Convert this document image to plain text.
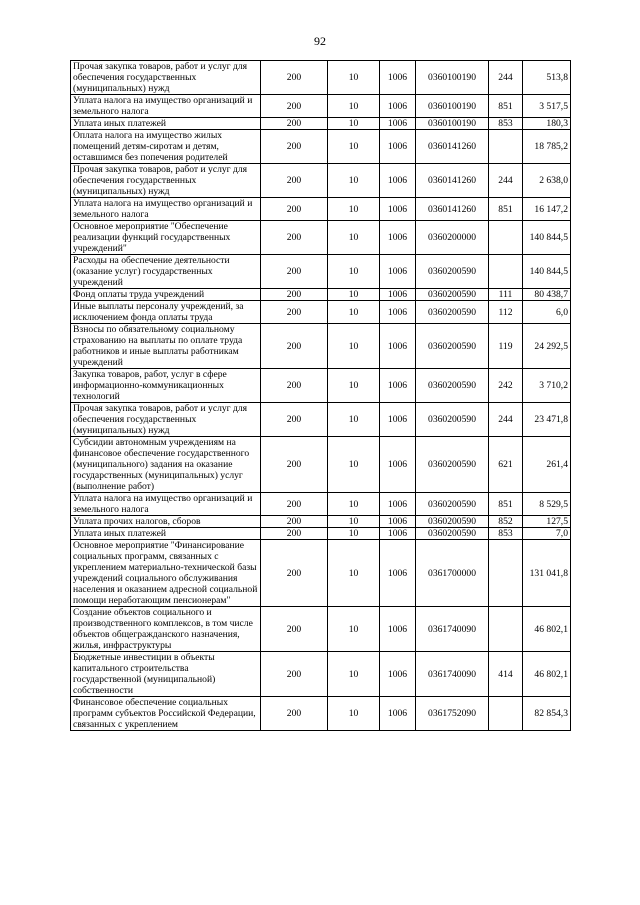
92
Прочая закупка товаров, работ и услуг для обеспечения государственных (муниципальных) нужд	200	10	1006	0360100190	244	513,8
Уплата налога на имущество организаций и земельного налога	200	10	1006	0360100190	851	3 517,5
Уплата иных платежей	200	10	1006	0360100190	853	180,3
Оплата налога на имущество жилых помещений детям-сиротам и детям, оставшимся без попечения родителей	200	10	1006	0360141260		18 785,2
Прочая закупка товаров, работ и услуг для обеспечения государственных (муниципальных) нужд	200	10	1006	0360141260	244	2 638,0
Уплата налога на имущество организаций и земельного налога	200	10	1006	0360141260	851	16 147,2
Основное мероприятие "Обеспечение реализации функций государственных учреждений"	200	10	1006	0360200000		140 844,5
Расходы на обеспечение деятельности (оказание услуг) государственных учреждений	200	10	1006	0360200590		140 844,5
Фонд оплаты труда учреждений	200	10	1006	0360200590	111	80 438,7
Иные выплаты персоналу учреждений, за исключением фонда оплаты труда	200	10	1006	0360200590	112	6,0
Взносы по обязательному социальному страхованию на выплаты по оплате труда работников и иные выплаты работникам учреждений	200	10	1006	0360200590	119	24 292,5
Закупка товаров, работ, услуг в сфере информационно-коммуникационных технологий	200	10	1006	0360200590	242	3 710,2
Прочая закупка товаров, работ и услуг для обеспечения государственных (муниципальных) нужд	200	10	1006	0360200590	244	23 471,8
Субсидии автономным учреждениям на финансовое обеспечение государственного (муниципального) задания на оказание государственных (муниципальных) услуг (выполнение работ)	200	10	1006	0360200590	621	261,4
Уплата налога на имущество организаций и земельного налога	200	10	1006	0360200590	851	8 529,5
Уплата прочих налогов, сборов	200	10	1006	0360200590	852	127,5
Уплата иных платежей	200	10	1006	0360200590	853	7,0
Основное мероприятие "Финансирование социальных программ, связанных с укреплением материально-технической базы учреждений социального обслуживания населения и оказанием адресной социальной помощи неработающим пенсионерам"	200	10	1006	0361700000		131 041,8
Создание объектов социального и производственного комплексов, в том числе объектов общегражданского назначения, жилья, инфраструктуры	200	10	1006	0361740090		46 802,1
Бюджетные инвестиции в объекты капитального строительства государственной (муниципальной) собственности	200	10	1006	0361740090	414	46 802,1
Финансовое обеспечение социальных программ субъектов Российской Федерации, связанных с укреплением	200	10	1006	0361752090		82 854,3
